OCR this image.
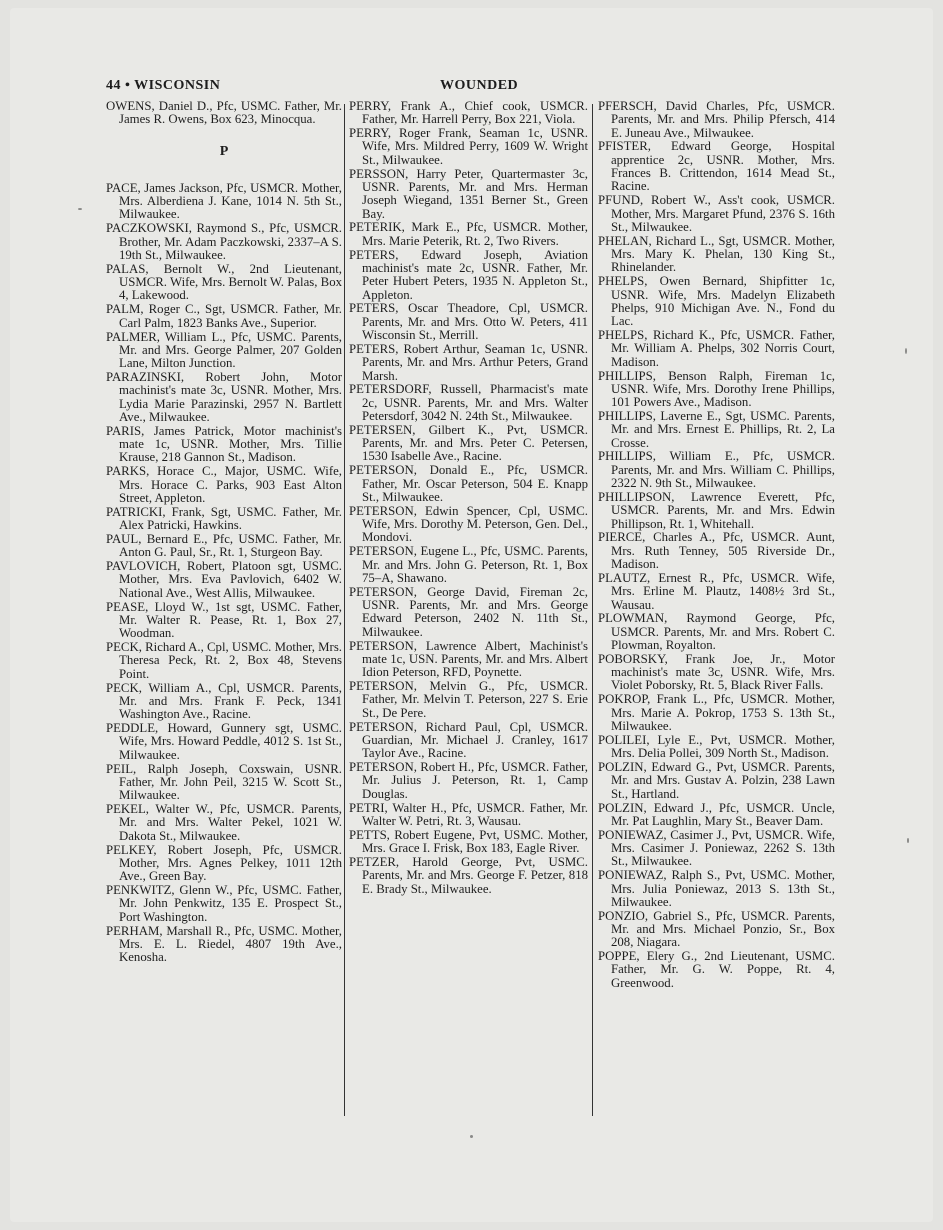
44 • WISCONSIN	WOUNDED

OWENS, Daniel D., Pfc, USMC. Father, Mr. James R. Owens, Box 623, Minocqua.

P

PACE, James Jackson, Pfc, USMCR. Mother, Mrs. Alberdiena J. Kane, 1014 N. 5th St., Milwaukee.

PACZKOWSKI, Raymond S., Pfc, USMCR. Brother, Mr. Adam Paczkowski, 2337–A S. 19th St., Milwaukee.

PALAS, Bernolt W., 2nd Lieutenant, USMCR. Wife, Mrs. Bernolt W. Palas, Box 4, Lakewood.

PALM, Roger C., Sgt, USMCR. Father, Mr. Carl Palm, 1823 Banks Ave., Superior.

PALMER, William L., Pfc, USMC. Parents, Mr. and Mrs. George Palmer, 207 Golden Lane, Milton Junction.

PARAZINSKI, Robert John, Motor machinist's mate 3c, USNR. Mother, Mrs. Lydia Marie Parazinski, 2957 N. Bartlett Ave., Milwaukee.

PARIS, James Patrick, Motor machinist's mate 1c, USNR. Mother, Mrs. Tillie Krause, 218 Gannon St., Madison.

PARKS, Horace C., Major, USMC. Wife, Mrs. Horace C. Parks, 903 East Alton Street, Appleton.

PATRICKI, Frank, Sgt, USMC. Father, Mr. Alex Patricki, Hawkins.

PAUL, Bernard E., Pfc, USMC. Father, Mr. Anton G. Paul, Sr., Rt. 1, Sturgeon Bay.

PAVLOVICH, Robert, Platoon sgt, USMC. Mother, Mrs. Eva Pavlovich, 6402 W. National Ave., West Allis, Milwaukee.

PEASE, Lloyd W., 1st sgt, USMC. Father, Mr. Walter R. Pease, Rt. 1, Box 27, Woodman.

PECK, Richard A., Cpl, USMC. Mother, Mrs. Theresa Peck, Rt. 2, Box 48, Stevens Point.

PECK, William A., Cpl, USMCR. Parents, Mr. and Mrs. Frank F. Peck, 1341 Washington Ave., Racine.

PEDDLE, Howard, Gunnery sgt, USMC. Wife, Mrs. Howard Peddle, 4012 S. 1st St., Milwaukee.

PEIL, Ralph Joseph, Coxswain, USNR. Father, Mr. John Peil, 3215 W. Scott St., Milwaukee.

PEKEL, Walter W., Pfc, USMCR. Parents, Mr. and Mrs. Walter Pekel, 1021 W. Dakota St., Milwaukee.

PELKEY, Robert Joseph, Pfc, USMCR. Mother, Mrs. Agnes Pelkey, 1011 12th Ave., Green Bay.

PENKWITZ, Glenn W., Pfc, USMC. Father, Mr. John Penkwitz, 135 E. Prospect St., Port Washington.

PERHAM, Marshall R., Pfc, USMC. Mother, Mrs. E. L. Riedel, 4807 19th Ave., Kenosha.

PERRY, Frank A., Chief cook, USMCR. Father, Mr. Harrell Perry, Box 221, Viola.

PERRY, Roger Frank, Seaman 1c, USNR. Wife, Mrs. Mildred Perry, 1609 W. Wright St., Milwaukee.

PERSSON, Harry Peter, Quartermaster 3c, USNR. Parents, Mr. and Mrs. Herman Joseph Wiegand, 1351 Berner St., Green Bay.

PETERIK, Mark E., Pfc, USMCR. Mother, Mrs. Marie Peterik, Rt. 2, Two Rivers.

PETERS, Edward Joseph, Aviation machinist's mate 2c, USNR. Father, Mr. Peter Hubert Peters, 1935 N. Appleton St., Appleton.

PETERS, Oscar Theadore, Cpl, USMCR. Parents, Mr. and Mrs. Otto W. Peters, 411 Wisconsin St., Merrill.

PETERS, Robert Arthur, Seaman 1c, USNR. Parents, Mr. and Mrs. Arthur Peters, Grand Marsh.

PETERSDORF, Russell, Pharmacist's mate 2c, USNR. Parents, Mr. and Mrs. Walter Petersdorf, 3042 N. 24th St., Milwaukee.

PETERSEN, Gilbert K., Pvt, USMCR. Parents, Mr. and Mrs. Peter C. Petersen, 1530 Isabelle Ave., Racine.

PETERSON, Donald E., Pfc, USMCR. Father, Mr. Oscar Peterson, 504 E. Knapp St., Milwaukee.

PETERSON, Edwin Spencer, Cpl, USMC. Wife, Mrs. Dorothy M. Peterson, Gen. Del., Mondovi.

PETERSON, Eugene L., Pfc, USMC. Parents, Mr. and Mrs. John G. Peterson, Rt. 1, Box 75–A, Shawano.

PETERSON, George David, Fireman 2c, USNR. Parents, Mr. and Mrs. George Edward Peterson, 2402 N. 11th St., Milwaukee.

PETERSON, Lawrence Albert, Machinist's mate 1c, USN. Parents, Mr. and Mrs. Albert Idion Peterson, RFD, Poynette.

PETERSON, Melvin G., Pfc, USMCR. Father, Mr. Melvin T. Peterson, 227 S. Erie St., De Pere.

PETERSON, Richard Paul, Cpl, USMCR. Guardian, Mr. Michael J. Cranley, 1617 Taylor Ave., Racine.

PETERSON, Robert H., Pfc, USMCR. Father, Mr. Julius J. Peterson, Rt. 1, Camp Douglas.

PETRI, Walter H., Pfc, USMCR. Father, Mr. Walter W. Petri, Rt. 3, Wausau.

PETTS, Robert Eugene, Pvt, USMC. Mother, Mrs. Grace I. Frisk, Box 183, Eagle River.

PETZER, Harold George, Pvt, USMC. Parents, Mr. and Mrs. George F. Petzer, 818 E. Brady St., Milwaukee.

PFERSCH, David Charles, Pfc, USMCR. Parents, Mr. and Mrs. Philip Pfersch, 414 E. Juneau Ave., Milwaukee.

PFISTER, Edward George, Hospital apprentice 2c, USNR. Mother, Mrs. Frances B. Crittendon, 1614 Mead St., Racine.

PFUND, Robert W., Ass't cook, USMCR. Mother, Mrs. Margaret Pfund, 2376 S. 16th St., Milwaukee.

PHELAN, Richard L., Sgt, USMCR. Mother, Mrs. Mary K. Phelan, 130 King St., Rhinelander.

PHELPS, Owen Bernard, Shipfitter 1c, USNR. Wife, Mrs. Madelyn Elizabeth Phelps, 910 Michigan Ave. N., Fond du Lac.

PHELPS, Richard K., Pfc, USMCR. Father, Mr. William A. Phelps, 302 Norris Court, Madison.

PHILLIPS, Benson Ralph, Fireman 1c, USNR. Wife, Mrs. Dorothy Irene Phillips, 101 Powers Ave., Madison.

PHILLIPS, Laverne E., Sgt, USMC. Parents, Mr. and Mrs. Ernest E. Phillips, Rt. 2, La Crosse.

PHILLIPS, William E., Pfc, USMCR. Parents, Mr. and Mrs. William C. Phillips, 2322 N. 9th St., Milwaukee.

PHILLIPSON, Lawrence Everett, Pfc, USMCR. Parents, Mr. and Mrs. Edwin Phillipson, Rt. 1, Whitehall.

PIERCE, Charles A., Pfc, USMCR. Aunt, Mrs. Ruth Tenney, 505 Riverside Dr., Madison.

PLAUTZ, Ernest R., Pfc, USMCR. Wife, Mrs. Erline M. Plautz, 1408½ 3rd St., Wausau.

PLOWMAN, Raymond George, Pfc, USMCR. Parents, Mr. and Mrs. Robert C. Plowman, Royalton.

POBORSKY, Frank Joe, Jr., Motor machinist's mate 3c, USNR. Wife, Mrs. Violet Poborsky, Rt. 5, Black River Falls.

POKROP, Frank L., Pfc, USMCR. Mother, Mrs. Marie A. Pokrop, 1753 S. 13th St., Milwaukee.

POLILEI, Lyle E., Pvt, USMCR. Mother, Mrs. Delia Pollei, 309 North St., Madison.

POLZIN, Edward G., Pvt, USMCR. Parents, Mr. and Mrs. Gustav A. Polzin, 238 Lawn St., Hartland.

POLZIN, Edward J., Pfc, USMCR. Uncle, Mr. Pat Laughlin, Mary St., Beaver Dam.

PONIEWAZ, Casimer J., Pvt, USMCR. Wife, Mrs. Casimer J. Poniewaz, 2262 S. 13th St., Milwaukee.

PONIEWAZ, Ralph S., Pvt, USMC. Mother, Mrs. Julia Poniewaz, 2013 S. 13th St., Milwaukee.

PONZIO, Gabriel S., Pfc, USMCR. Parents, Mr. and Mrs. Michael Ponzio, Sr., Box 208, Niagara.

POPPE, Elery G., 2nd Lieutenant, USMC. Father, Mr. G. W. Poppe, Rt. 4, Greenwood.
